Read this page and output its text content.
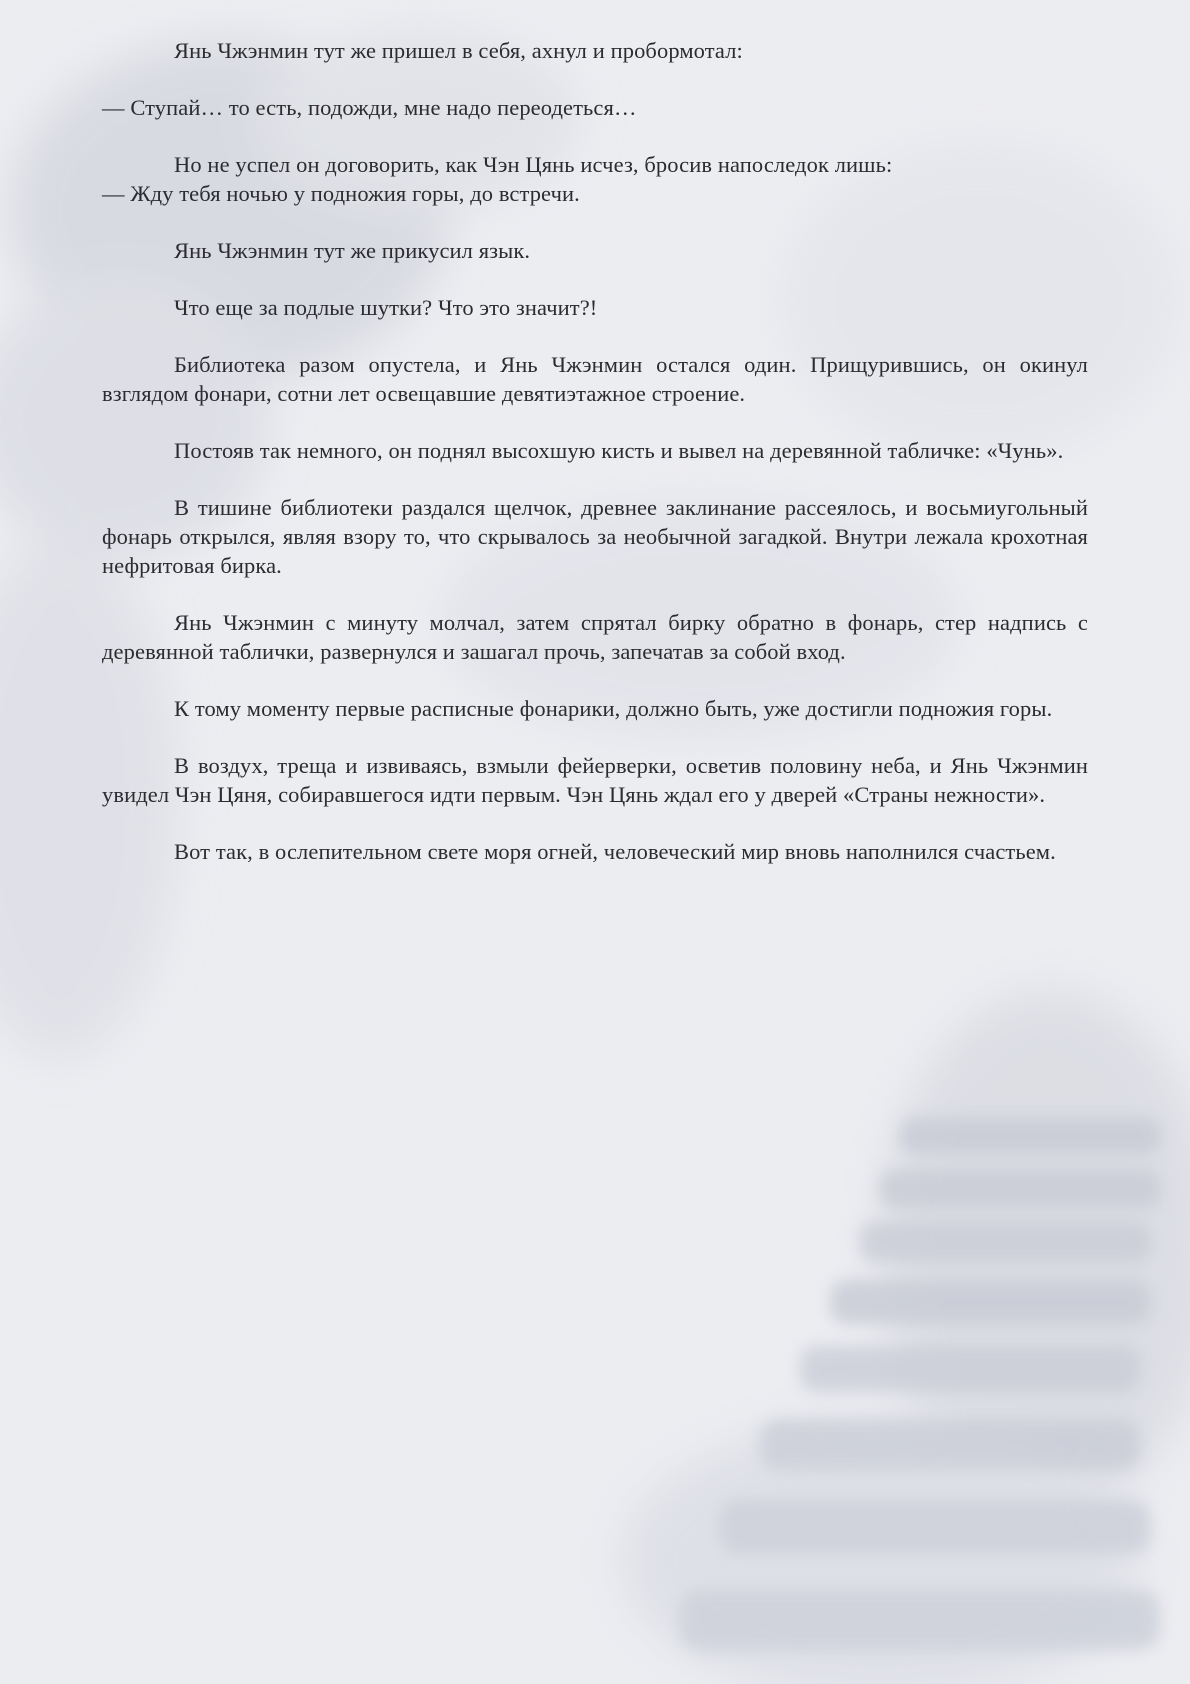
Янь Чжэнмин тут же пришел в себя, ахнул и пробормотал:

— Ступай… то есть, подожди, мне надо переодеться…

Но не успел он договорить, как Чэн Цянь исчез, бросив напоследок лишь:

— Жду тебя ночью у подножия горы, до встречи.

Янь Чжэнмин тут же прикусил язык.

Что еще за подлые шутки? Что это значит?!

Библиотека разом опустела, и Янь Чжэнмин остался один. Прищурившись, он окинул взглядом фонари, сотни лет освещавшие девятиэтажное строение.

Постояв так немного, он поднял высохшую кисть и вывел на деревянной табличке: «Чунь».

В тишине библиотеки раздался щелчок, древнее заклинание рассеялось, и восьмиугольный фонарь открылся, являя взору то, что скрывалось за необычной загадкой. Внутри лежала крохотная нефритовая бирка.

Янь Чжэнмин с минуту молчал, затем спрятал бирку обратно в фонарь, стер надпись с деревянной таблички, развернулся и зашагал прочь, запечатав за собой вход.

К тому моменту первые расписные фонарики, должно быть, уже достигли подножия горы.

В воздух, треща и извиваясь, взмыли фейерверки, осветив половину неба, и Янь Чжэнмин увидел Чэн Цяня, собиравшегося идти первым. Чэн Цянь ждал его у дверей «Страны нежности».

Вот так, в ослепительном свете моря огней, человеческий мир вновь наполнился счастьем.
